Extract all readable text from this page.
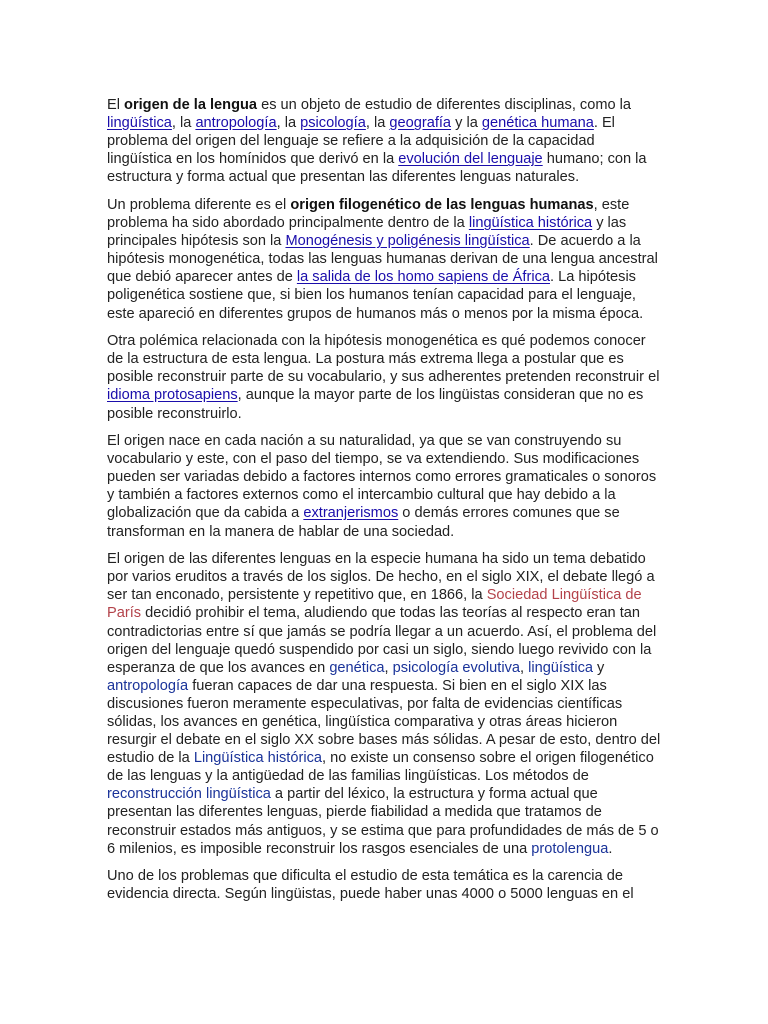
El origen de la lengua es un objeto de estudio de diferentes disciplinas, como la lingüística, la antropología, la psicología, la geografía y la genética humana. El problema del origen del lenguaje se refiere a la adquisición de la capacidad lingüística en los homínidos que derivó en la evolución del lenguaje humano; con la estructura y forma actual que presentan las diferentes lenguas naturales.

Un problema diferente es el origen filogenético de las lenguas humanas, este problema ha sido abordado principalmente dentro de la lingüística histórica y las principales hipótesis son la Monogénesis y poligénesis lingüística. De acuerdo a la hipótesis monogenética, todas las lenguas humanas derivan de una lengua ancestral que debió aparecer antes de la salida de los homo sapiens de África. La hipótesis poligenética sostiene que, si bien los humanos tenían capacidad para el lenguaje, este apareció en diferentes grupos de humanos más o menos por la misma época.

Otra polémica relacionada con la hipótesis monogenética es qué podemos conocer de la estructura de esta lengua. La postura más extrema llega a postular que es posible reconstruir parte de su vocabulario, y sus adherentes pretenden reconstruir el idioma protosapiens, aunque la mayor parte de los lingüistas consideran que no es posible reconstruirlo.

El origen nace en cada nación a su naturalidad, ya que se van construyendo su vocabulario y este, con el paso del tiempo, se va extendiendo. Sus modificaciones pueden ser variadas debido a factores internos como errores gramaticales o sonoros y también a factores externos como el intercambio cultural que hay debido a la globalización que da cabida a extranjerismos o demás errores comunes que se transforman en la manera de hablar de una sociedad.

El origen de las diferentes lenguas en la especie humana ha sido un tema debatido por varios eruditos a través de los siglos. De hecho, en el siglo XIX, el debate llegó a ser tan enconado, persistente y repetitivo que, en 1866, la Sociedad Lingüística de París decidió prohibir el tema, aludiendo que todas las teorías al respecto eran tan contradictorias entre sí que jamás se podría llegar a un acuerdo. Así, el problema del origen del lenguaje quedó suspendido por casi un siglo, siendo luego revivido con la esperanza de que los avances en genética, psicología evolutiva, lingüística y antropología fueran capaces de dar una respuesta. Si bien en el siglo XIX las discusiones fueron meramente especulativas, por falta de evidencias científicas sólidas, los avances en genética, lingüística comparativa y otras áreas hicieron resurgir el debate en el siglo XX sobre bases más sólidas. A pesar de esto, dentro del estudio de la Lingüística histórica, no existe un consenso sobre el origen filogenético de las lenguas y la antigüedad de las familias lingüísticas. Los métodos de reconstrucción lingüística a partir del léxico, la estructura y forma actual que presentan las diferentes lenguas, pierde fiabilidad a medida que tratamos de reconstruir estados más antiguos, y se estima que para profundidades de más de 5 o 6 milenios, es imposible reconstruir los rasgos esenciales de una protolengua.

Uno de los problemas que dificulta el estudio de esta temática es la carencia de evidencia directa. Según lingüistas, puede haber unas 4000 o 5000 lenguas en el
